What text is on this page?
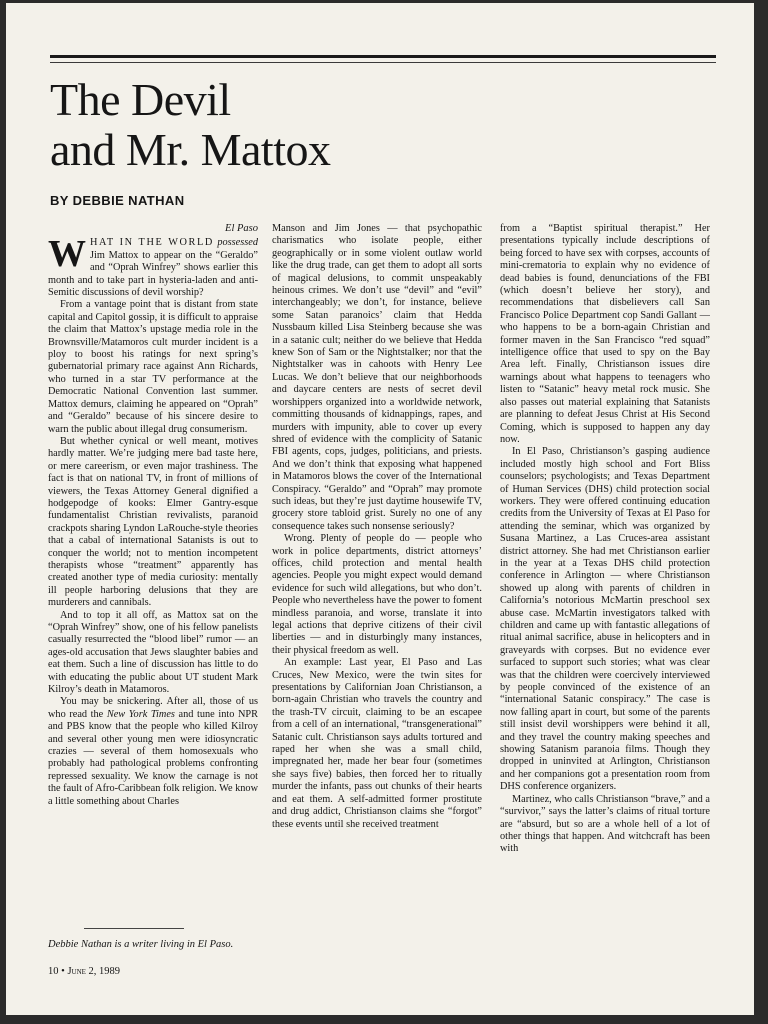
The Devil
and Mr. Mattox
BY DEBBIE NATHAN
El Paso

WHAT IN THE WORLD possessed Jim Mattox to appear on the “Geraldo” and “Oprah Winfrey” shows earlier this month and to take part in hysteria-laden and anti-Semitic discussions of devil worship?

From a vantage point that is distant from state capital and Capitol gossip, it is difficult to appraise the claim that Mattox’s upstage media role in the Brownsville/Matamoros cult murder incident is a ploy to boost his ratings for next spring’s gubernatorial primary race against Ann Richards, who turned in a star TV performance at the Democratic National Convention last summer. Mattox demurs, claiming he appeared on “Oprah” and “Geraldo” because of his sincere desire to warn the public about illegal drug consumerism.

But whether cynical or well meant, motives hardly matter. We’re judging mere bad taste here, or mere careerism, or even major trashiness. The fact is that on national TV, in front of millions of viewers, the Texas Attorney General dignified a hodgepodge of kooks: Elmer Gantry-esque fundamentalist Christian revivalists, paranoid crackpots sharing Lyndon LaRouche-style theories that a cabal of international Satanists is out to conquer the world; not to mention incompetent therapists whose “treatment” apparently has created another type of media curiosity: mentally ill people harboring delusions that they are murderers and cannibals.

And to top it all off, as Mattox sat on the “Oprah Winfrey” show, one of his fellow panelists casually resurrected the “blood libel” rumor — an ages-old accusation that Jews slaughter babies and eat them. Such a line of discussion has little to do with educating the public about UT student Mark Kilroy’s death in Matamoros.

You may be snickering. After all, those of us who read the New York Times and tune into NPR and PBS know that the people who killed Kilroy and several other young men were idiosyncratic crazies — several of them homosexuals who probably had pathological problems confronting repressed sexuality. We know the carnage is not the fault of Afro-Caribbean folk religion. We know a little something about Charles

Debbie Nathan is a writer living in El Paso.
10 • June 2, 1989

Manson and Jim Jones — that psychopathic charismatics who isolate people, either geographically or in some violent outlaw world like the drug trade, can get them to adopt all sorts of magical delusions, to commit unspeakably heinous crimes. We don’t use “devil” and “evil” interchangeably; we don’t, for instance, believe some Satan paranoics’ claim that Hedda Nussbaum killed Lisa Steinberg because she was in a satanic cult; neither do we believe that Hedda knew Son of Sam or the Nightstalker; nor that the Nightstalker was in cahoots with Henry Lee Lucas. We don’t believe that our neighborhoods and daycare centers are nests of secret devil worshippers organized into a worldwide network, committing thousands of kidnappings, rapes, and murders with impunity, able to cover up every shred of evidence with the complicity of Satanic FBI agents, cops, judges, politicians, and priests. And we don’t think that exposing what happened in Matamoros blows the cover of the International Conspiracy. “Geraldo” and “Oprah” may promote such ideas, but they’re just daytime housewife TV, grocery store tabloid grist. Surely no one of any consequence takes such nonsense seriously?

Wrong. Plenty of people do — people who work in police departments, district attorneys’ offices, child protection and mental health agencies. People you might expect would demand evidence for such wild allegations, but who don’t. People who nevertheless have the power to foment mindless paranoia, and worse, translate it into legal actions that deprive citizens of their civil liberties — and in disturbingly many instances, their physical freedom as well.

An example: Last year, El Paso and Las Cruces, New Mexico, were the twin sites for presentations by Californian Joan Christianson, a born-again Christian who travels the country and the trash-TV circuit, claiming to be an escapee from a cell of an international, “transgenerational” Satanic cult. Christianson says adults tortured and raped her when she was a small child, impregnated her, made her bear four (sometimes she says five) babies, then forced her to ritually murder the infants, pass out chunks of their hearts and eat them. A self-admitted former prostitute and drug addict, Christianson claims she “forgot” these events until she received treatment

from a “Baptist spiritual therapist.” Her presentations typically include descriptions of being forced to have sex with corpses, accounts of mini-crematoria to explain why no evidence of dead babies is found, denunciations of the FBI (which doesn’t believe her story), and recommendations that disbelievers call San Francisco Police Department cop Sandi Gallant — who happens to be a born-again Christian and former maven in the San Francisco “red squad” intelligence office that used to spy on the Bay Area left. Finally, Christianson issues dire warnings about what happens to teenagers who listen to “Satanic” heavy metal rock music. She also passes out material explaining that Satanists are planning to defeat Jesus Christ at His Second Coming, which is supposed to happen any day now.

In El Paso, Christianson’s gasping audience included mostly high school and Fort Bliss counselors; psychologists; and Texas Department of Human Services (DHS) child protection social workers. They were offered continuing education credits from the University of Texas at El Paso for attending the seminar, which was organized by Susana Martinez, a Las Cruces-area assistant district attorney. She had met Christianson earlier in the year at a Texas DHS child protection conference in Arlington — where Christianson showed up along with parents of children in California’s notorious McMartin preschool sex abuse case. McMartin investigators talked with children and came up with fantastic allegations of ritual animal sacrifice, abuse in helicopters and in graveyards with corpses. But no evidence ever surfaced to support such stories; what was clear was that the children were coercively interviewed by people convinced of the existence of an “international Satanic conspiracy.” The case is now falling apart in court, but some of the parents still insist devil worshippers were behind it all, and they travel the country making speeches and showing Satanism paranoia films. Though they dropped in uninvited at Arlington, Christianson and her companions got a presentation room from DHS conference organizers.

Martinez, who calls Christianson “brave,” and a “survivor,” says the latter’s claims of ritual torture are “absurd, but so are a whole hell of a lot of other things that happen. And witchcraft has been with
